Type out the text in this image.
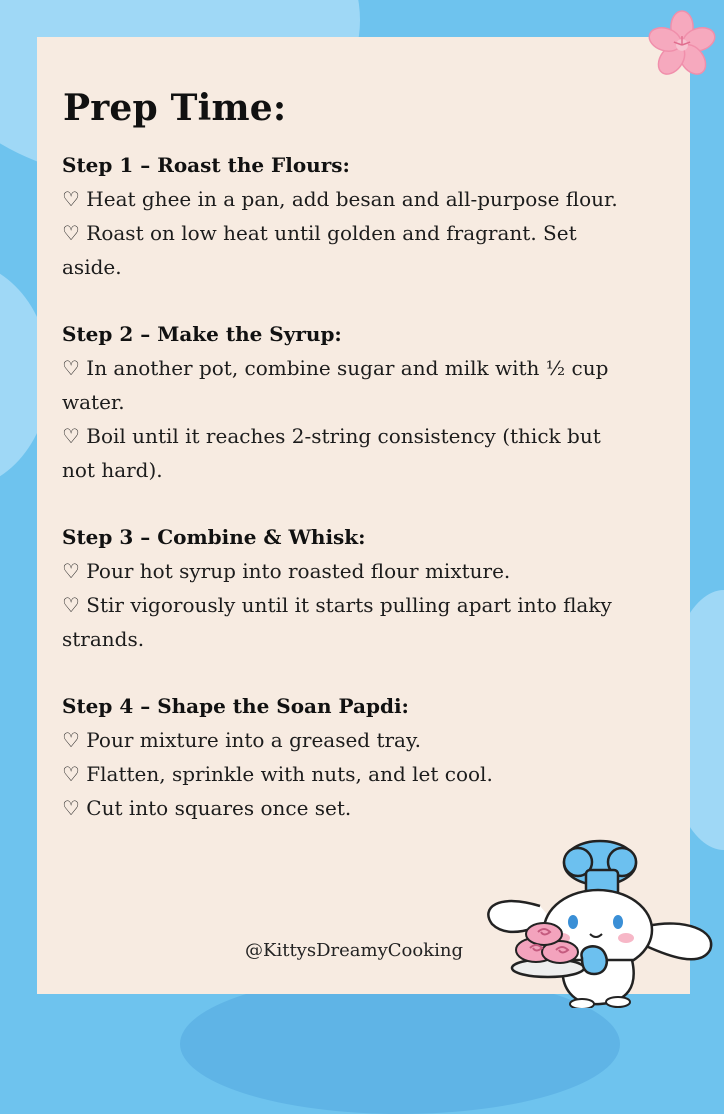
Prep Time:
Step 1 – Roast the Flours:
♡ Heat ghee in a pan, add besan and all-purpose flour.
♡ Roast on low heat until golden and fragrant. Set
aside.
Step 2 – Make the Syrup:
♡ In another pot, combine sugar and milk with ½ cup
water.
♡ Boil until it reaches 2-string consistency (thick but
not hard).
Step 3 – Combine & Whisk:
♡ Pour hot syrup into roasted flour mixture.
♡ Stir vigorously until it starts pulling apart into flaky
strands.
Step 4 – Shape the Soan Papdi:
♡ Pour mixture into a greased tray.
♡ Flatten, sprinkle with nuts, and let cool.
♡ Cut into squares once set.
@KittysDreamyCooking
